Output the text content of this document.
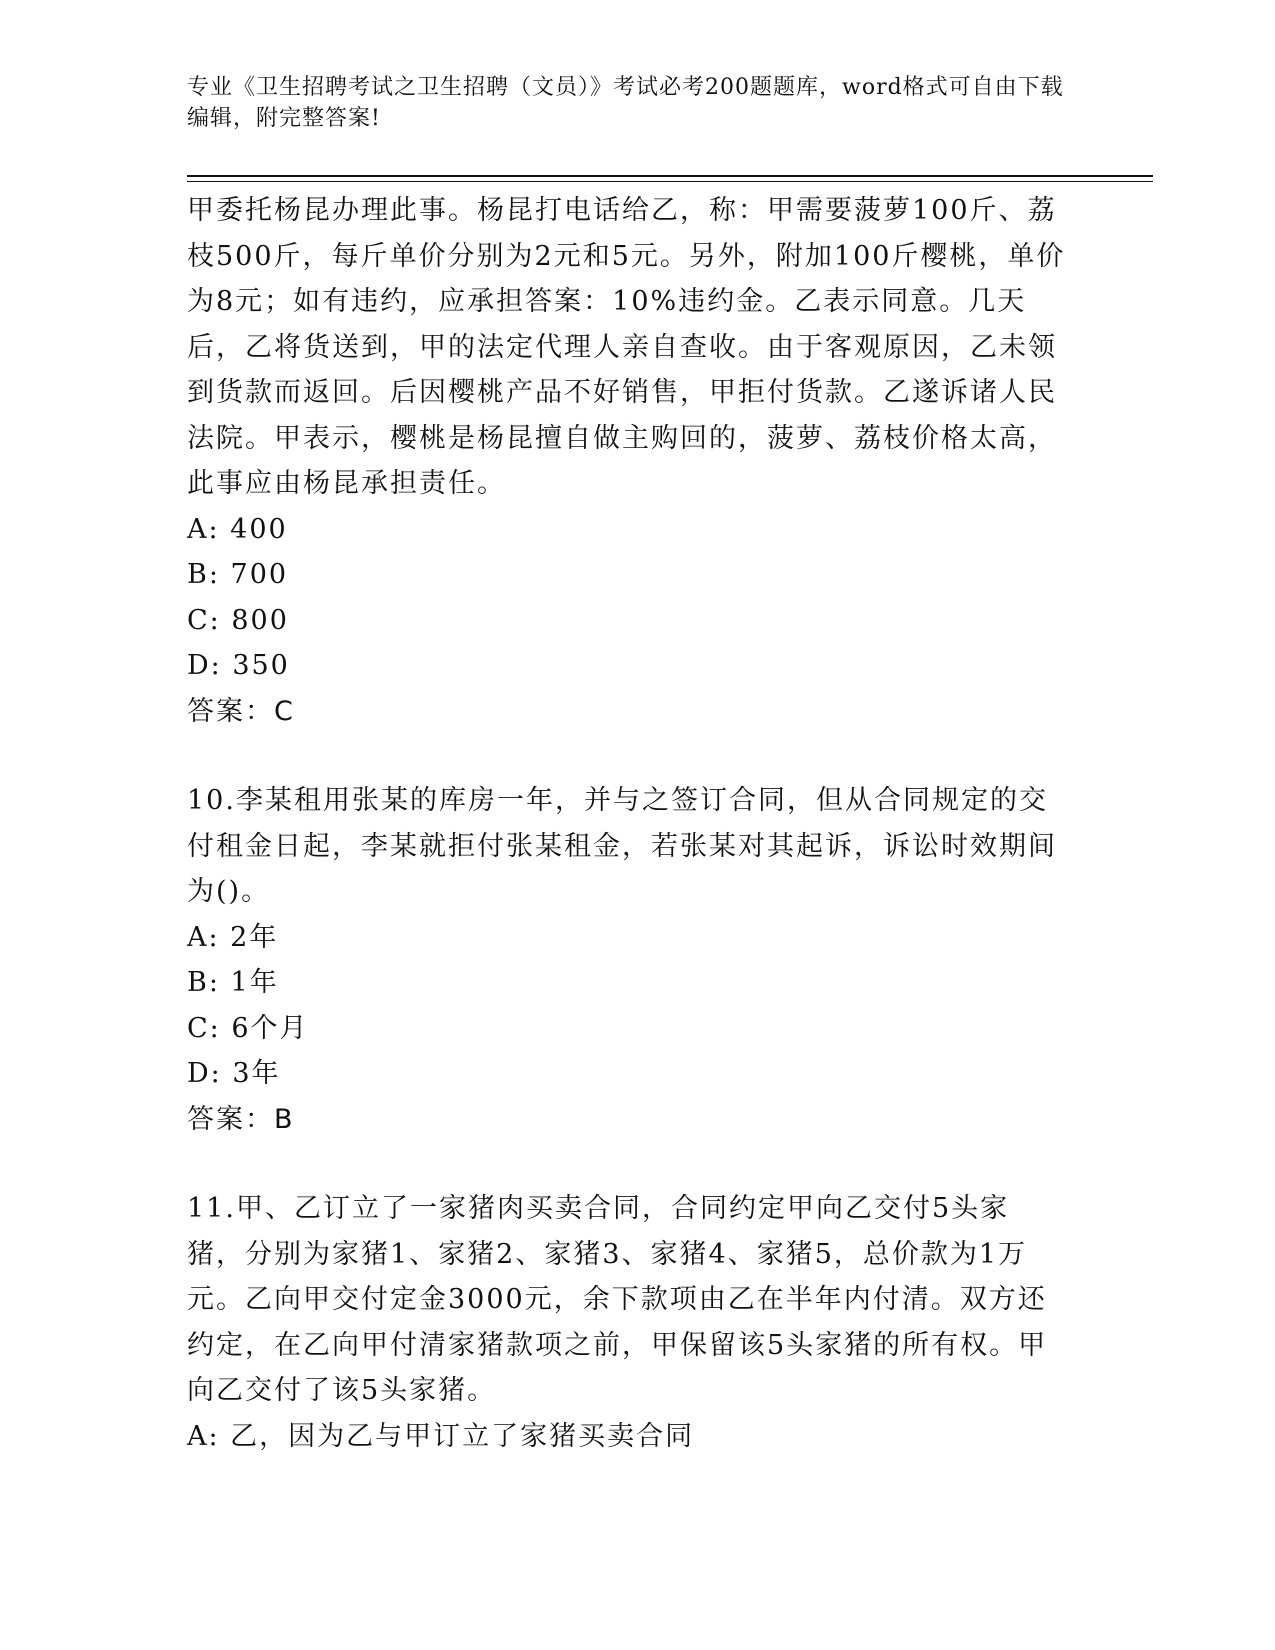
专业《卫生招聘考试之卫生招聘（文员）》考试必考200题题库，word格式可自由下载编辑，附完整答案!

甲委托杨昆办理此事。杨昆打电话给乙，称：甲需要菠萝100斤、荔枝500斤，每斤单价分别为2元和5元。另外，附加100斤樱桃，单价为8元；如有违约，应承担答案：10%违约金。乙表示同意。几天后，乙将货送到，甲的法定代理人亲自查收。由于客观原因，乙未领到货款而返回。后因樱桃产品不好销售，甲拒付货款。乙遂诉诸人民法院。甲表示，樱桃是杨昆擅自做主购回的，菠萝、荔枝价格太高，此事应由杨昆承担责任。

A: 400

B: 700

C: 800

D: 350

答案：C

10.李某租用张某的库房一年，并与之签订合同，但从合同规定的交付租金日起，李某就拒付张某租金，若张某对其起诉，诉讼时效期间为()。

A: 2年

B: 1年

C: 6个月

D: 3年

答案：B

11.甲、乙订立了一家猪肉买卖合同，合同约定甲向乙交付5头家猪，分别为家猪1、家猪2、家猪3、家猪4、家猪5，总价款为1万元。乙向甲交付定金3000元，余下款项由乙在半年内付清。双方还约定，在乙向甲付清家猪款项之前，甲保留该5头家猪的所有权。甲向乙交付了该5头家猪。

A: 乙，因为乙与甲订立了家猪买卖合同
